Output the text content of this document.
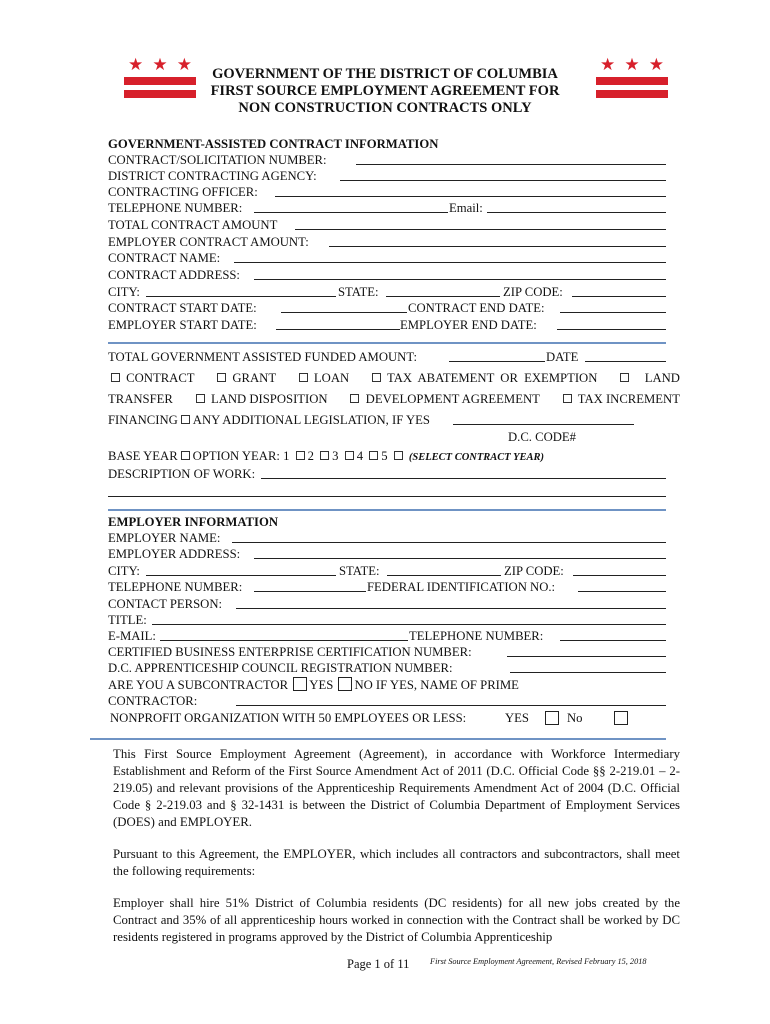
★ ★ ★	★ ★ ★
GOVERNMENT OF THE DISTRICT OF COLUMBIA
FIRST SOURCE EMPLOYMENT AGREEMENT FOR
NON CONSTRUCTION CONTRACTS ONLY
GOVERNMENT-ASSISTED CONTRACT INFORMATION
CONTRACT/SOLICITATION NUMBER:
DISTRICT CONTRACTING AGENCY:
CONTRACTING OFFICER:
TELEPHONE NUMBER:	Email:
TOTAL CONTRACT AMOUNT
EMPLOYER CONTRACT AMOUNT:
CONTRACT NAME:
CONTRACT ADDRESS:
CITY:	STATE:	ZIP CODE:
CONTRACT START DATE:	CONTRACT END DATE:
EMPLOYER START DATE:	EMPLOYER END DATE:
TOTAL GOVERNMENT ASSISTED FUNDED AMOUNT:	DATE
CONTRACT	GRANT	LOAN	TAX ABATEMENT OR EXEMPTION	LAND
TRANSFER	LAND DISPOSITION	DEVELOPMENT AGREEMENT	TAX INCREMENT
FINANCING ANY ADDITIONAL LEGISLATION, IF YES
D.C. CODE#
BASE YEAR OPTION YEAR: 1 2 3 4 5 (SELECT CONTRACT YEAR)
DESCRIPTION OF WORK:
EMPLOYER INFORMATION
EMPLOYER NAME:
EMPLOYER ADDRESS:
CITY:	STATE:	ZIP CODE:
TELEPHONE NUMBER:	FEDERAL IDENTIFICATION NO.:
CONTACT PERSON:
TITLE:
E-MAIL:	TELEPHONE NUMBER:
CERTIFIED BUSINESS ENTERPRISE CERTIFICATION NUMBER:
D.C. APPRENTICESHIP COUNCIL REGISTRATION NUMBER:
ARE YOU A SUBCONTRACTOR YES NO IF YES, NAME OF PRIME
CONTRACTOR:
NONPROFIT ORGANIZATION WITH 50 EMPLOYEES OR LESS:	YES	No
This First Source Employment Agreement (Agreement), in accordance with Workforce Intermediary Establishment and Reform of the First Source Amendment Act of 2011 (D.C. Official Code §§ 2-219.01 – 2-219.05) and relevant provisions of the Apprenticeship Requirements Amendment Act of 2004 (D.C. Official Code § 2-219.03 and § 32-1431 is between the District of Columbia Department of Employment Services (DOES) and EMPLOYER.
Pursuant to this Agreement, the EMPLOYER, which includes all contractors and subcontractors, shall meet the following requirements:
Employer shall hire 51% District of Columbia residents (DC residents) for all new jobs created by the Contract and 35% of all apprenticeship hours worked in connection with the Contract shall be worked by DC residents registered in programs approved by the District of Columbia Apprenticeship
Page 1 of 11 First Source Employment Agreement, Revised February 15, 2018
